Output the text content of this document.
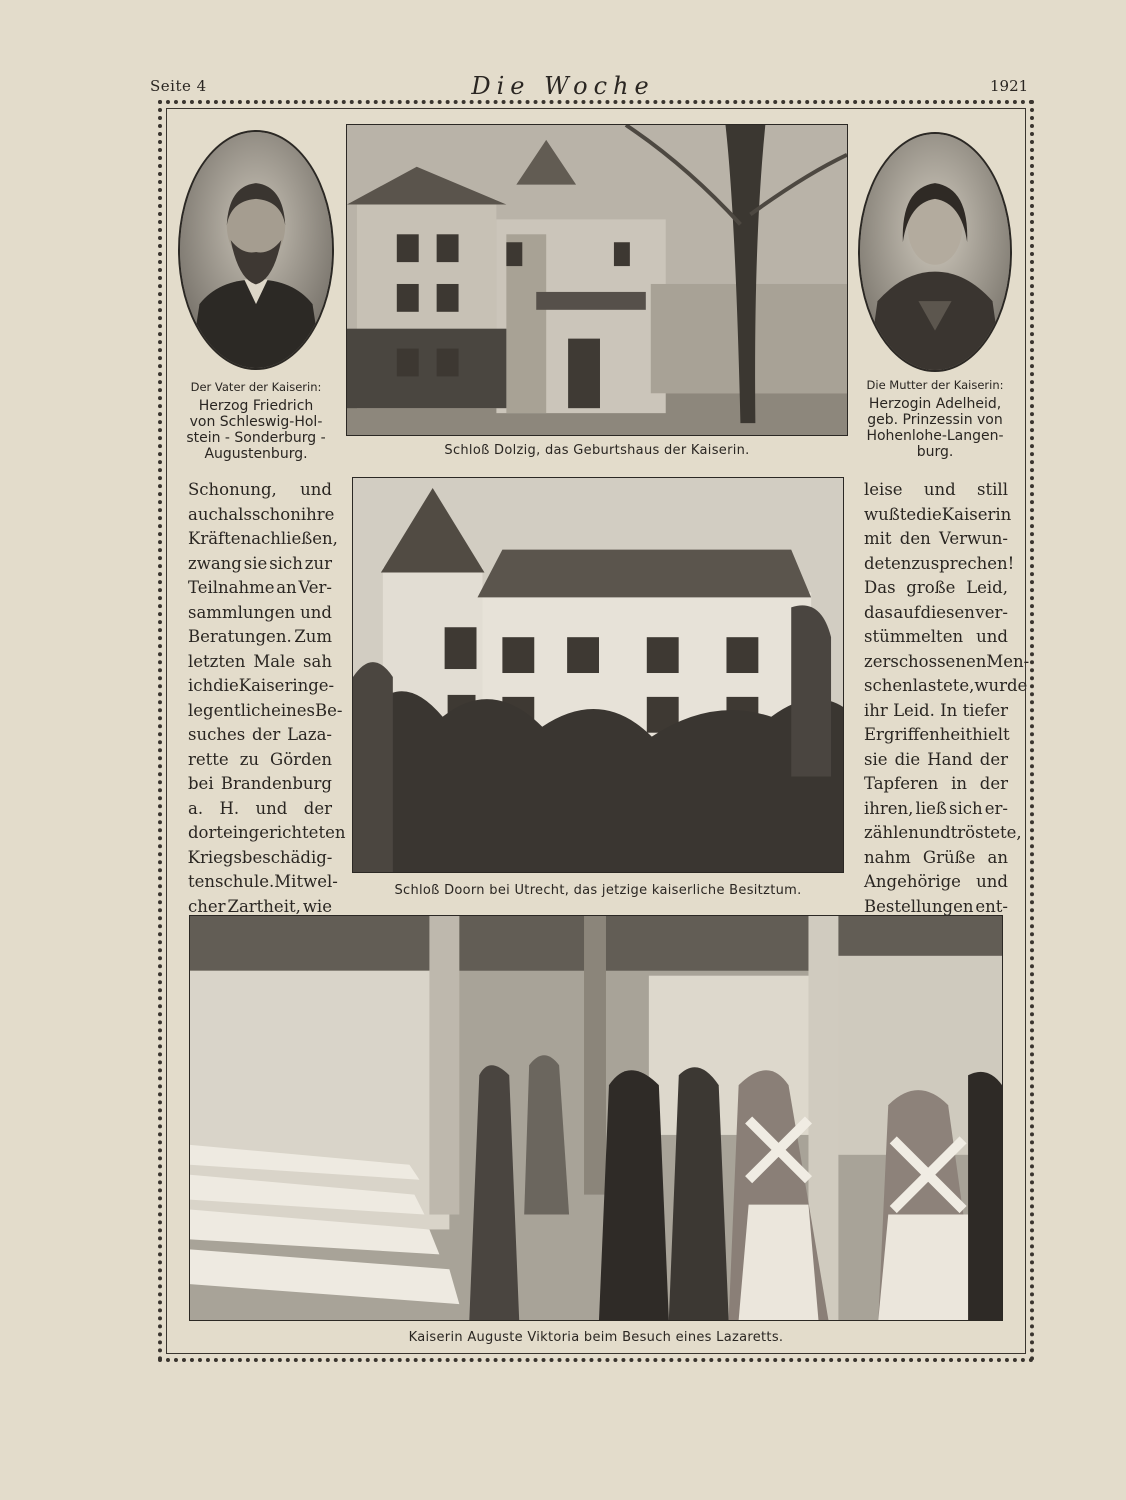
Seite 4	Die Woche	1921
Der Vater der Kaiserin:
Herzog Friedrich
von Schleswig-Hol-
stein - Sonderburg -
Augustenburg.	Schloß Dolzig, das Geburtshaus der Kaiserin.
Die Mutter der Kaiserin:
Herzogin Adelheid,
geb. Prinzessin von
Hohenlohe-Langen-
burg.
Schonung, und
auch als schon ihre
Kräfte nachließen,
zwang sie sich zur
Teilnahme an Ver-
sammlungen und
Beratungen. Zum
letzten Male sah
ich die Kaiserin ge-
legentlich eines Be-
suches der Laza-
rette zu Görden
bei Brandenburg
a. H. und der
dort eingerichteten
Kriegsbeschädig-
tenschule. Mit wel-
cher Zartheit, wie
Schloß Doorn bei Utrecht, das jetzige kaiserliche Besitztum.
leise und still
wußte die Kaiserin
mit den Verwun-
deten zu sprechen!
Das große Leid,
das auf diesen ver-
stümmelten und
zerschossenen Men-
schen lastete, wurde
ihr Leid. In tiefer
Ergriffenheit hielt
sie die Hand der
Tapferen in der
ihren, ließ sich er-
zählen und tröstete,
nahm Grüße an
Angehörige und
Bestellungen ent-
Kaiserin Auguste Viktoria beim Besuch eines Lazaretts.
